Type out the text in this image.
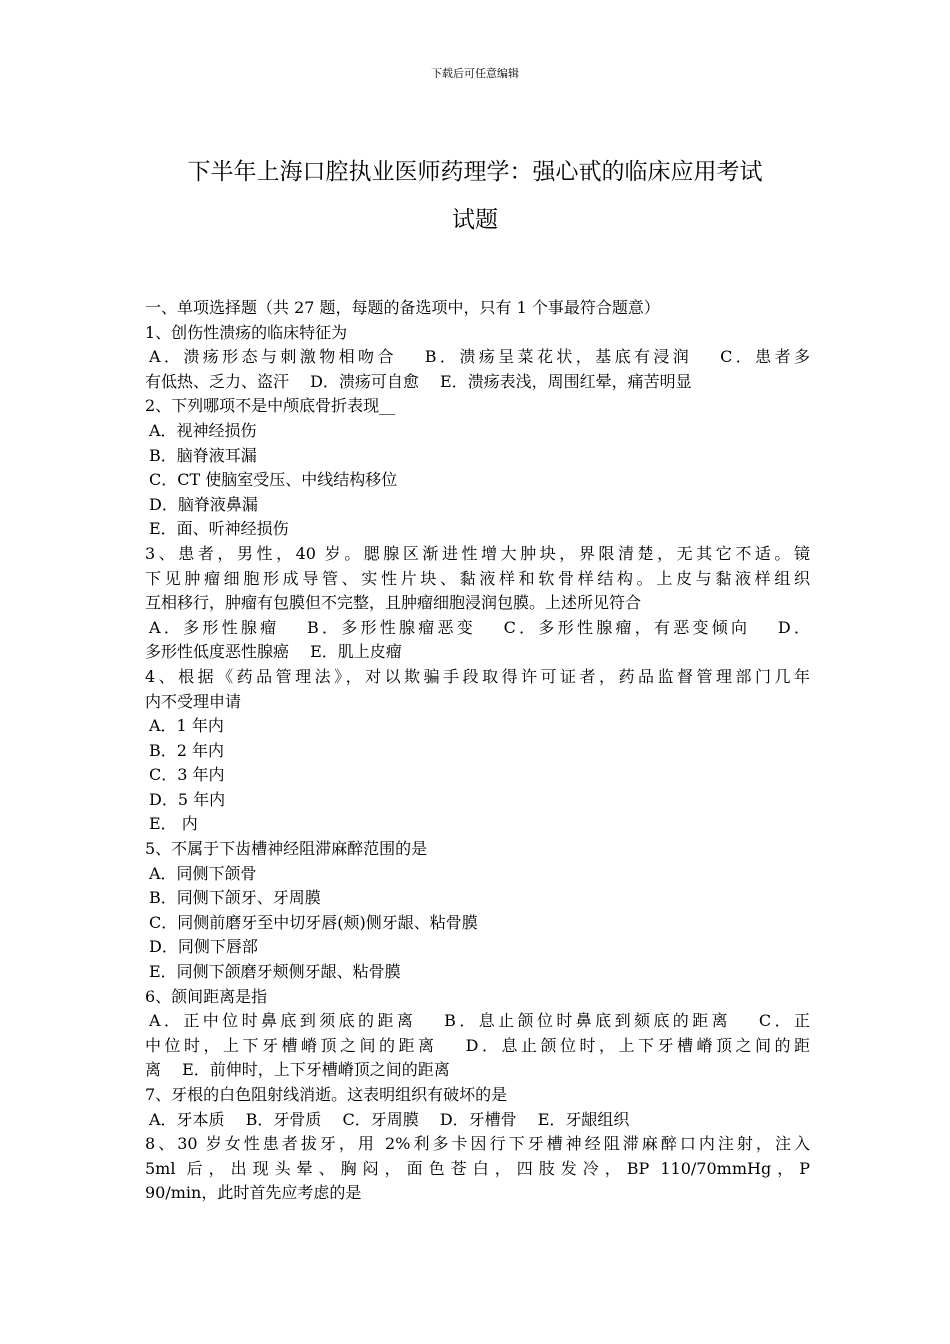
下载后可任意编辑
下半年上海口腔执业医师药理学：强心甙的临床应用考试
试题

一、单项选择题（共 27 题，每题的备选项中，只有 1 个事最符合题意）

1、创伤性溃疡的临床特征为

A．溃疡形态与刺激物相吻合 　B．溃疡呈菜花状，基底有浸润 　C．患者多

有低热、乏力、盗汗 　D．溃疡可自愈 　E．溃疡表浅，周围红晕，痛苦明显

2、下列哪项不是中颅底骨折表现__

A．视神经损伤

B．脑脊液耳漏

C．CT 使脑室受压、中线结构移位

D．脑脊液鼻漏

E．面、听神经损伤

3、患者，男性，40 岁。腮腺区渐进性增大肿块，界限清楚，无其它不适。镜

下见肿瘤细胞形成导管、实性片块、黏液样和软骨样结构。上皮与黏液样组织

互相移行，肿瘤有包膜但不完整，且肿瘤细胞浸润包膜。上述所见符合

A．多形性腺瘤 　B．多形性腺瘤恶变 　C．多形性腺瘤，有恶变倾向 　D．

多形性低度恶性腺癌 　E．肌上皮瘤

4、根据《药品管理法》，对以欺骗手段取得许可证者，药品监督管理部门几年

内不受理申请

A．1 年内

B．2 年内

C．3 年内

D．5 年内

E． 内

5、不属于下齿槽神经阻滞麻醉范围的是

A．同侧下颌骨

B．同侧下颌牙、牙周膜

C．同侧前磨牙至中切牙唇(颊)侧牙龈、粘骨膜

D．同侧下唇部

E．同侧下颌磨牙颊侧牙龈、粘骨膜

6、颌间距离是指

A．正中位时鼻底到须底的距离 　B．息止颌位时鼻底到颏底的距离 　C．正

中位时，上下牙槽嵴顶之间的距离 　D．息止颌位时，上下牙槽嵴顶之间的距

离 　E．前伸时，上下牙槽嵴顶之间的距离

7、牙根的白色阻射线消逝。这表明组织有破坏的是

A．牙本质 　B．牙骨质 　C．牙周膜 　D．牙槽骨 　E．牙龈组织

8、30 岁女性患者拔牙，用 2%利多卡因行下牙槽神经阻滞麻醉口内注射，注入

5ml 后，出现头晕、胸闷，面色苍白，四肢发冷，BP 110/70mmHg，P

90/min，此时首先应考虑的是
